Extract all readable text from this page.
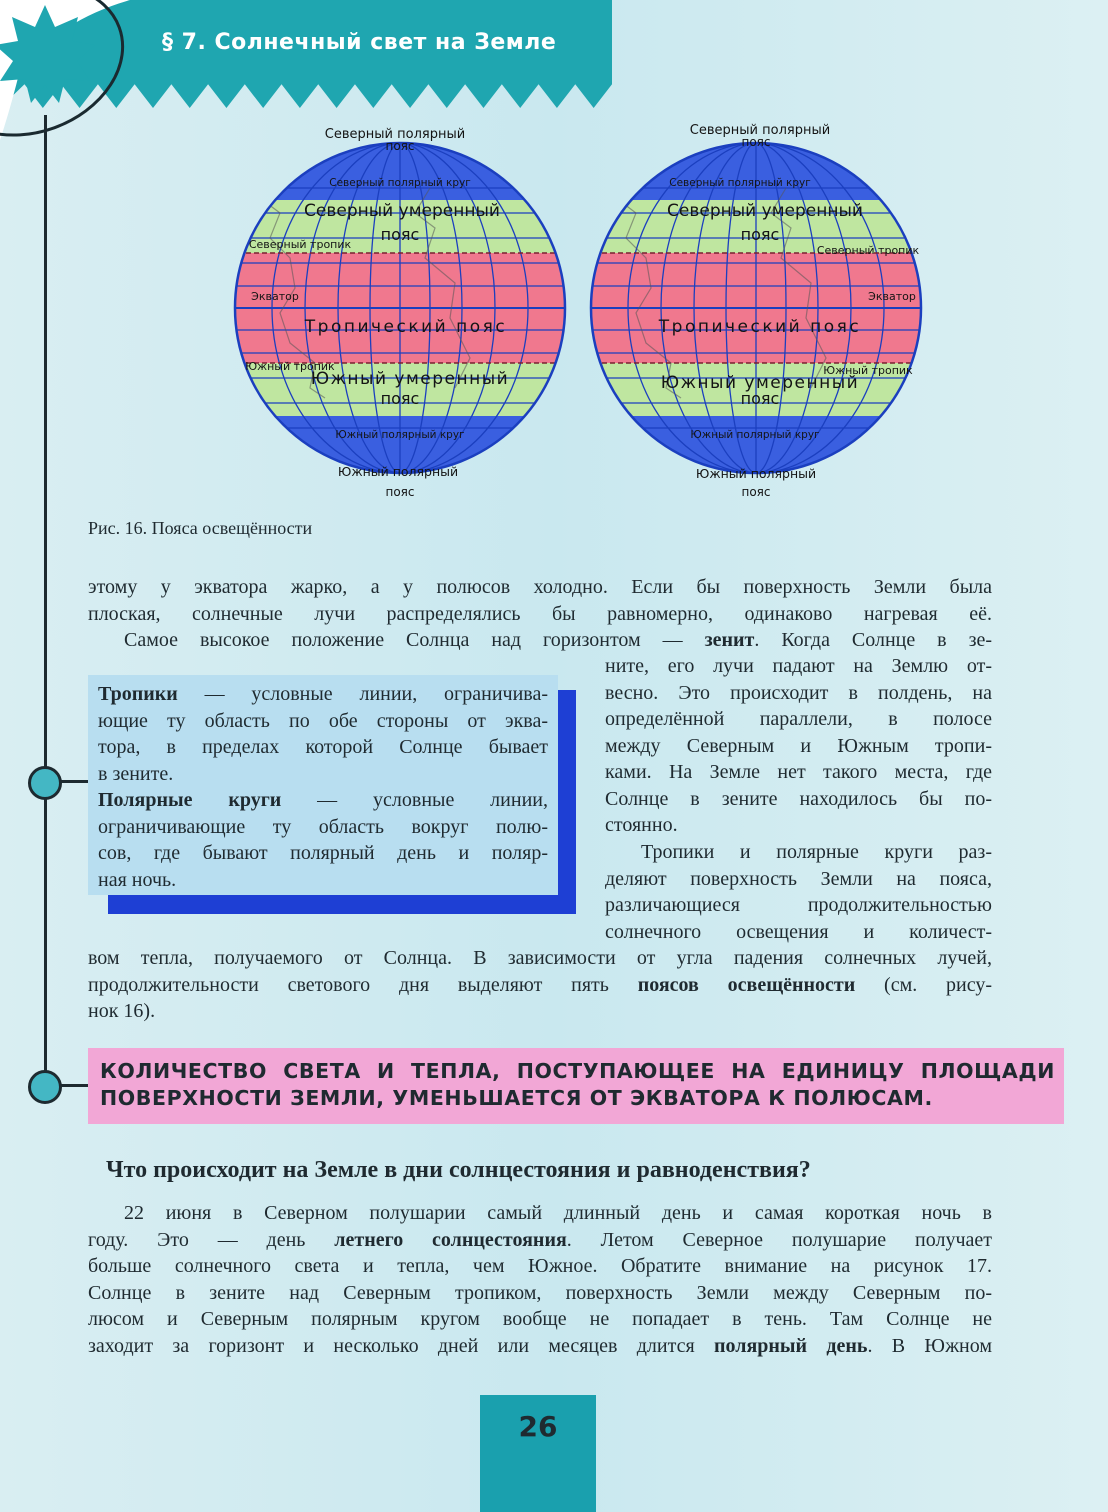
§ 7. Солнечный свет на Земле
Северный полярный
пояс
Северный полярный круг
Северный умеренный
пояс
Северный тропик
Экватор
Тропический пояс
Южный тропик
Южный умеренный
пояс
Южный полярный круг
Южный полярный
пояс
Северный полярный
пояс
Северный полярный круг
Северный умеренный
пояс
Северный тропик
Экватор
Тропический пояс
Южный тропик
Южный умеренный
пояс
Южный полярный круг
Южный полярный
пояс
Рис. 16. Пояса освещённости
этому у экватора жарко, а у полюсов холодно. Если бы поверхность Земли была
плоская, солнечные лучи распределялись бы равномерно, одинаково нагревая её.
Самое высокое положение Солнца над горизонтом — зенит. Когда Солнце в зе-
ните, его лучи падают на Землю от-
весно. Это происходит в полдень, на
определённой параллели, в полосе
между Северным и Южным тропи-
ками. На Земле нет такого места, где
Солнце в зените находилось бы по-
стоянно.
Тропики — условные линии, ограничива-
ющие ту область по обе стороны от эква-
тора, в пределах которой Солнце бывает
в зените.
Полярные круги — условные линии,
ограничивающие ту область вокруг полю-
сов, где бывают полярный день и поляр-
ная ночь.
Тропики и полярные круги раз-
деляют поверхность Земли на пояса,
различающиеся продолжительностью
солнечного освещения и количест-
вом тепла, получаемого от Солнца. В зависимости от угла падения солнечных лучей,
продолжительности светового дня выделяют пять поясов освещённости (см. рису-
нок 16).
КОЛИЧЕСТВО СВЕТА И ТЕПЛА, ПОСТУПАЮЩЕЕ НА ЕДИНИЦУ ПЛОЩАДИ
ПОВЕРХНОСТИ ЗЕМЛИ, УМЕНЬШАЕТСЯ ОТ ЭКВАТОРА К ПОЛЮСАМ.
Что происходит на Земле в дни солнцестояния и равноденствия?
22 июня в Северном полушарии самый длинный день и самая короткая ночь в
году. Это — день летнего солнцестояния. Летом Северное полушарие получает
больше солнечного света и тепла, чем Южное. Обратите внимание на рисунок 17.
Солнце в зените над Северным тропиком, поверхность Земли между Северным по-
люсом и Северным полярным кругом вообще не попадает в тень. Там Солнце не
заходит за горизонт и несколько дней или месяцев длится полярный день. В Южном
26
